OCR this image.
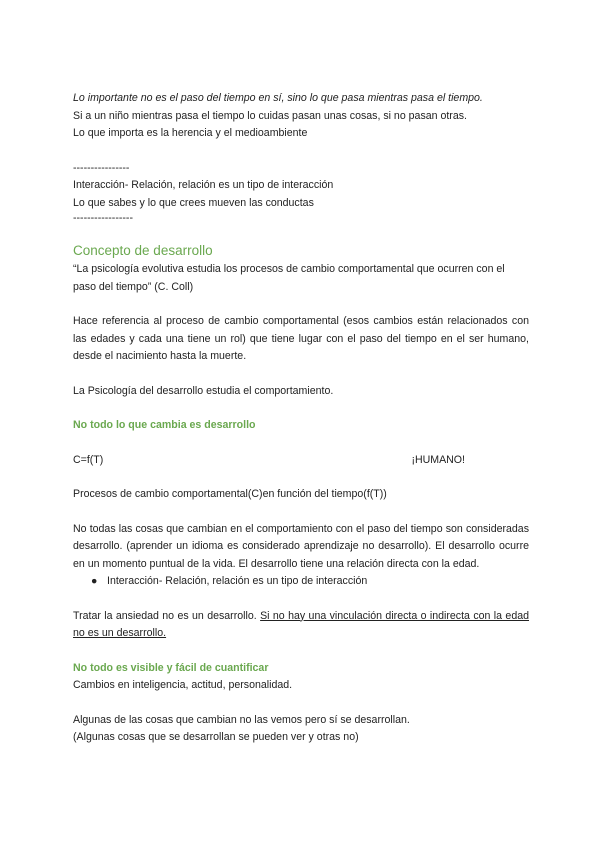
Lo importante no es el paso del tiempo en sí, sino lo que pasa mientras pasa el tiempo.

Si a un niño mientras pasa el tiempo lo cuidas pasan unas cosas, si no pasan otras.

Lo que importa es la herencia y el medioambiente

----------------

Interacción- Relación, relación es un tipo de interacción

Lo que sabes y lo que crees mueven las conductas

-----------------

Concepto de desarrollo

“La psicología evolutiva estudia los procesos de cambio comportamental que ocurren con el paso del tiempo” (C. Coll)

Hace referencia al proceso de cambio comportamental (esos cambios están relacionados con las edades y cada una tiene un rol) que tiene lugar con el paso del tiempo en el ser humano, desde el nacimiento hasta la muerte.

La Psicología del desarrollo estudia el comportamiento.

No todo lo que cambia es desarrollo
C=f(T)	¡HUMANO!

Procesos de cambio comportamental(C)en función del tiempo(f(T))

No todas las cosas que cambian en el comportamiento con el paso del tiempo son consideradas desarrollo. (aprender un idioma es considerado aprendizaje no desarrollo). El desarrollo ocurre en un momento puntual de la vida. El desarrollo tiene una relación directa con la edad.

● Interacción- Relación, relación es un tipo de interacción

Tratar la ansiedad no es un desarrollo. Si no hay una vinculación directa o indirecta con la edad no es un desarrollo.

No todo es visible y fácil de cuantificar

Cambios en inteligencia, actitud, personalidad.

Algunas de las cosas que cambian no las vemos pero sí se desarrollan.

(Algunas cosas que se desarrollan se pueden ver y otras no)
